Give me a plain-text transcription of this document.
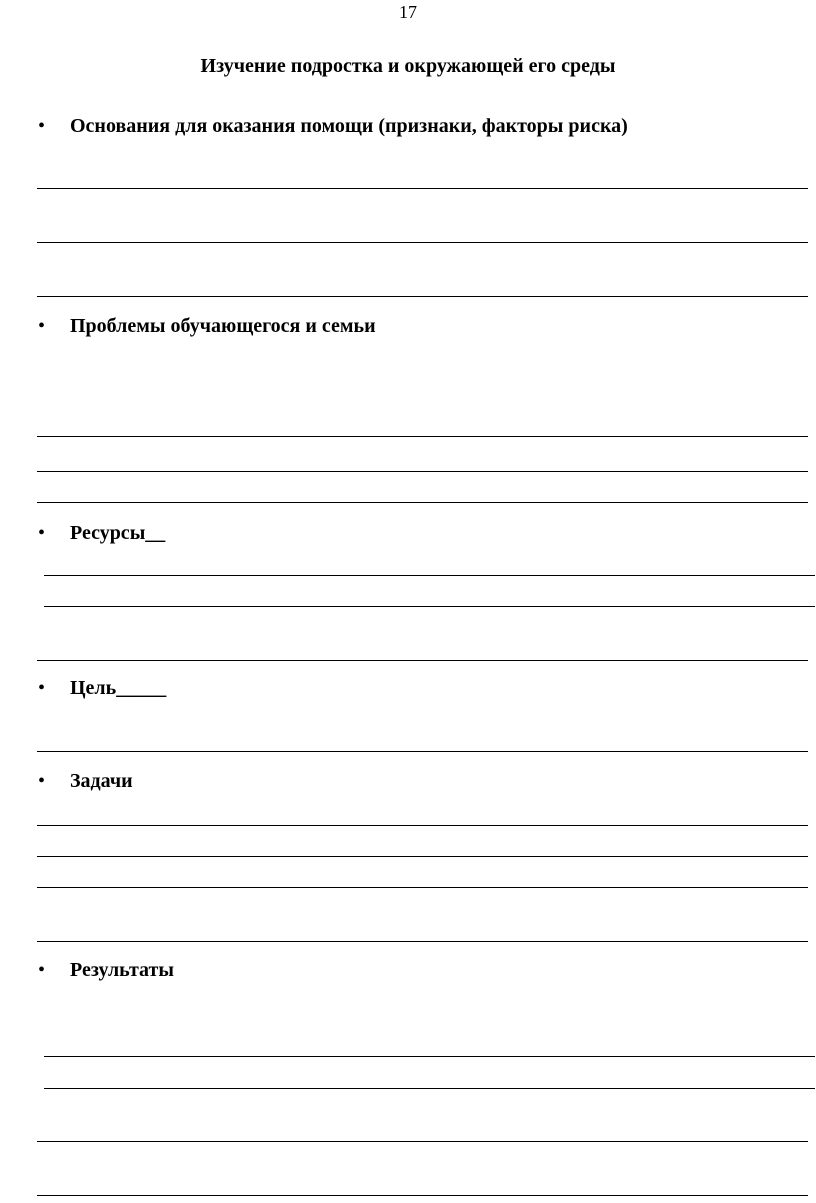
17
Изучение подростка и окружающей его среды
• Основания для оказания помощи (признаки, факторы риска)
• Проблемы обучающегося и семьи
• Ресурсы__
• Цель_____
• Задачи
• Результаты
